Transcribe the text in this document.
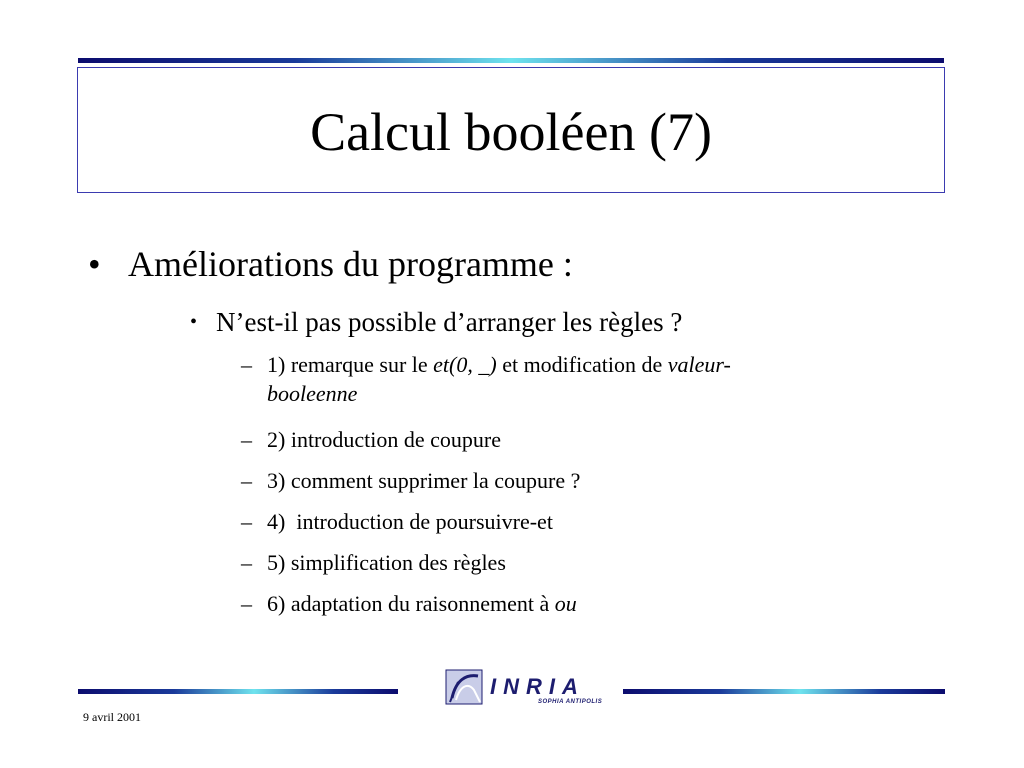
Calcul booléen (7)
• Améliorations du programme :
• N’est-il pas possible d’arranger les règles ?
– 1) remarque sur le et(0, _) et modification de valeur-
booleenne
– 2) introduction de coupure
– 3) comment supprimer la coupure ?
– 4)  introduction de poursuivre-et
– 5) simplification des règles
– 6) adaptation du raisonnement à ou
INRIA
SOPHIA ANTIPOLIS
9 avril 2001
